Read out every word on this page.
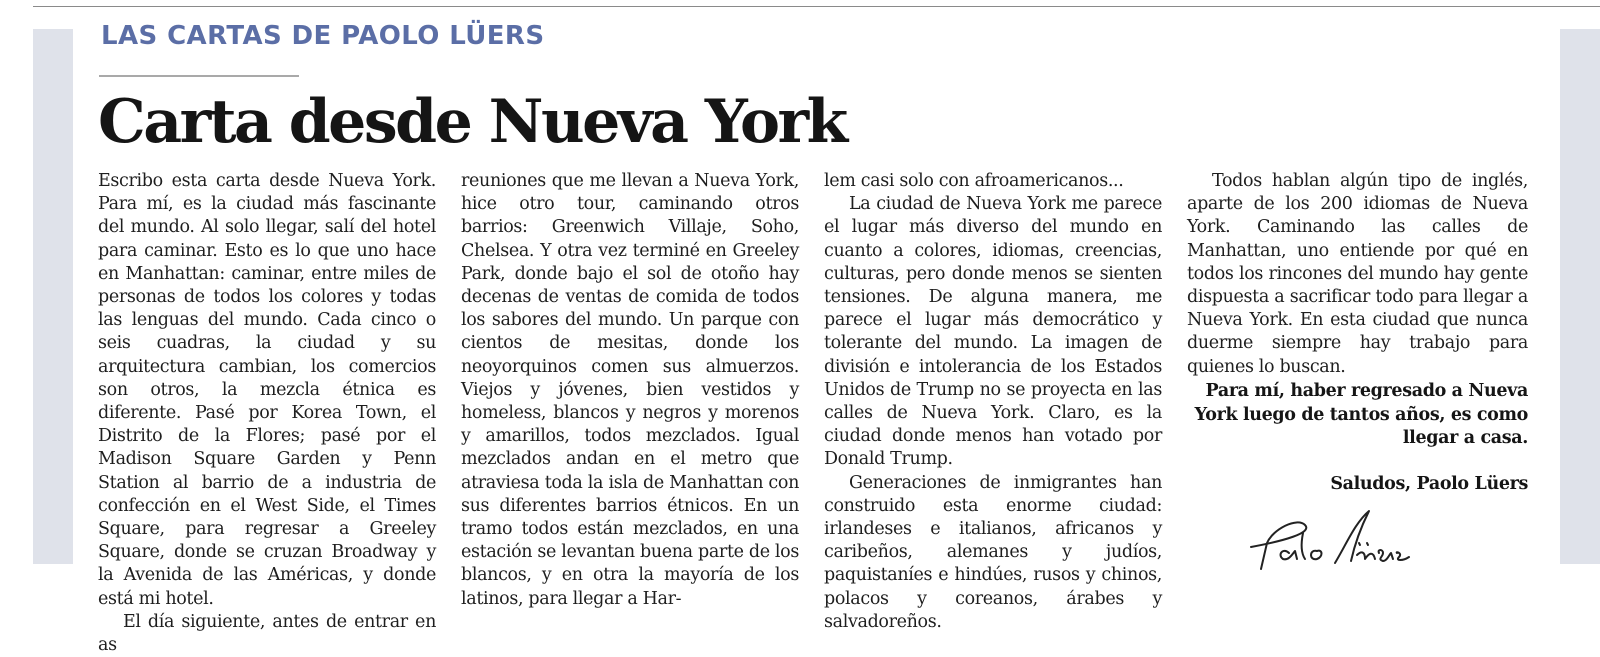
LAS CARTAS DE PAOLO LÜERS
Carta desde Nueva York

Escribo esta carta desde Nueva York. Para mí, es la ciudad más fascinante del mundo. Al solo llegar, salí del hotel para caminar. Esto es lo que uno hace en Manhattan: caminar, entre miles de personas de todos los colores y todas las lenguas del mundo. Cada cinco o seis cuadras, la ciudad y su arquitectura cambian, los comercios son otros, la mezcla étnica es diferente. Pasé por Korea Town, el Distrito de la Flores; pasé por el Madison Square Garden y Penn Station al barrio de a industria de confección en el West Side, el Times Square, para regresar a Greeley Square, donde se cruzan Broadway y la Avenida de las Américas, y donde está mi hotel.

El día siguiente, antes de entrar en as

reuniones que me llevan a Nueva York, hice otro tour, caminando otros barrios: Greenwich Villaje, Soho, Chelsea. Y otra vez terminé en Greeley Park, donde bajo el sol de otoño hay decenas de ventas de comida de todos los sabores del mundo. Un parque con cientos de mesitas, donde los neoyorquinos comen sus almuerzos. Viejos y jóvenes, bien vestidos y homeless, blancos y negros y morenos y amarillos, todos mezclados. Igual mezclados andan en el metro que atraviesa toda la isla de Manhattan con sus diferentes barrios étnicos. En un tramo todos están mezclados, en una estación se levantan buena parte de los blancos, y en otra la mayoría de los latinos, para llegar a Har-

lem casi solo con afroamericanos...

La ciudad de Nueva York me parece el lugar más diverso del mundo en cuanto a colores, idiomas, creencias, culturas, pero donde menos se sienten tensiones. De alguna manera, me parece el lugar más democrático y tolerante del mundo. La imagen de división e intolerancia de los Estados Unidos de Trump no se proyecta en las calles de Nueva York. Claro, es la ciudad donde menos han votado por Donald Trump.

Generaciones de inmigrantes han construido esta enorme ciudad: irlandeses e italianos, africanos y caribeños, alemanes y judíos, paquistaníes e hindúes, rusos y chinos, polacos y coreanos, árabes y salvadoreños.

Todos hablan algún tipo de inglés, aparte de los 200 idiomas de Nueva York. Caminando las calles de Manhattan, uno entiende por qué en todos los rincones del mundo hay gente dispuesta a sacrificar todo para llegar a Nueva York. En esta ciudad que nunca duerme siempre hay trabajo para quienes lo buscan.

Para mí, haber regresado a Nueva York luego de tantos años, es como llegar a casa.
Saludos, Paolo Lüers
